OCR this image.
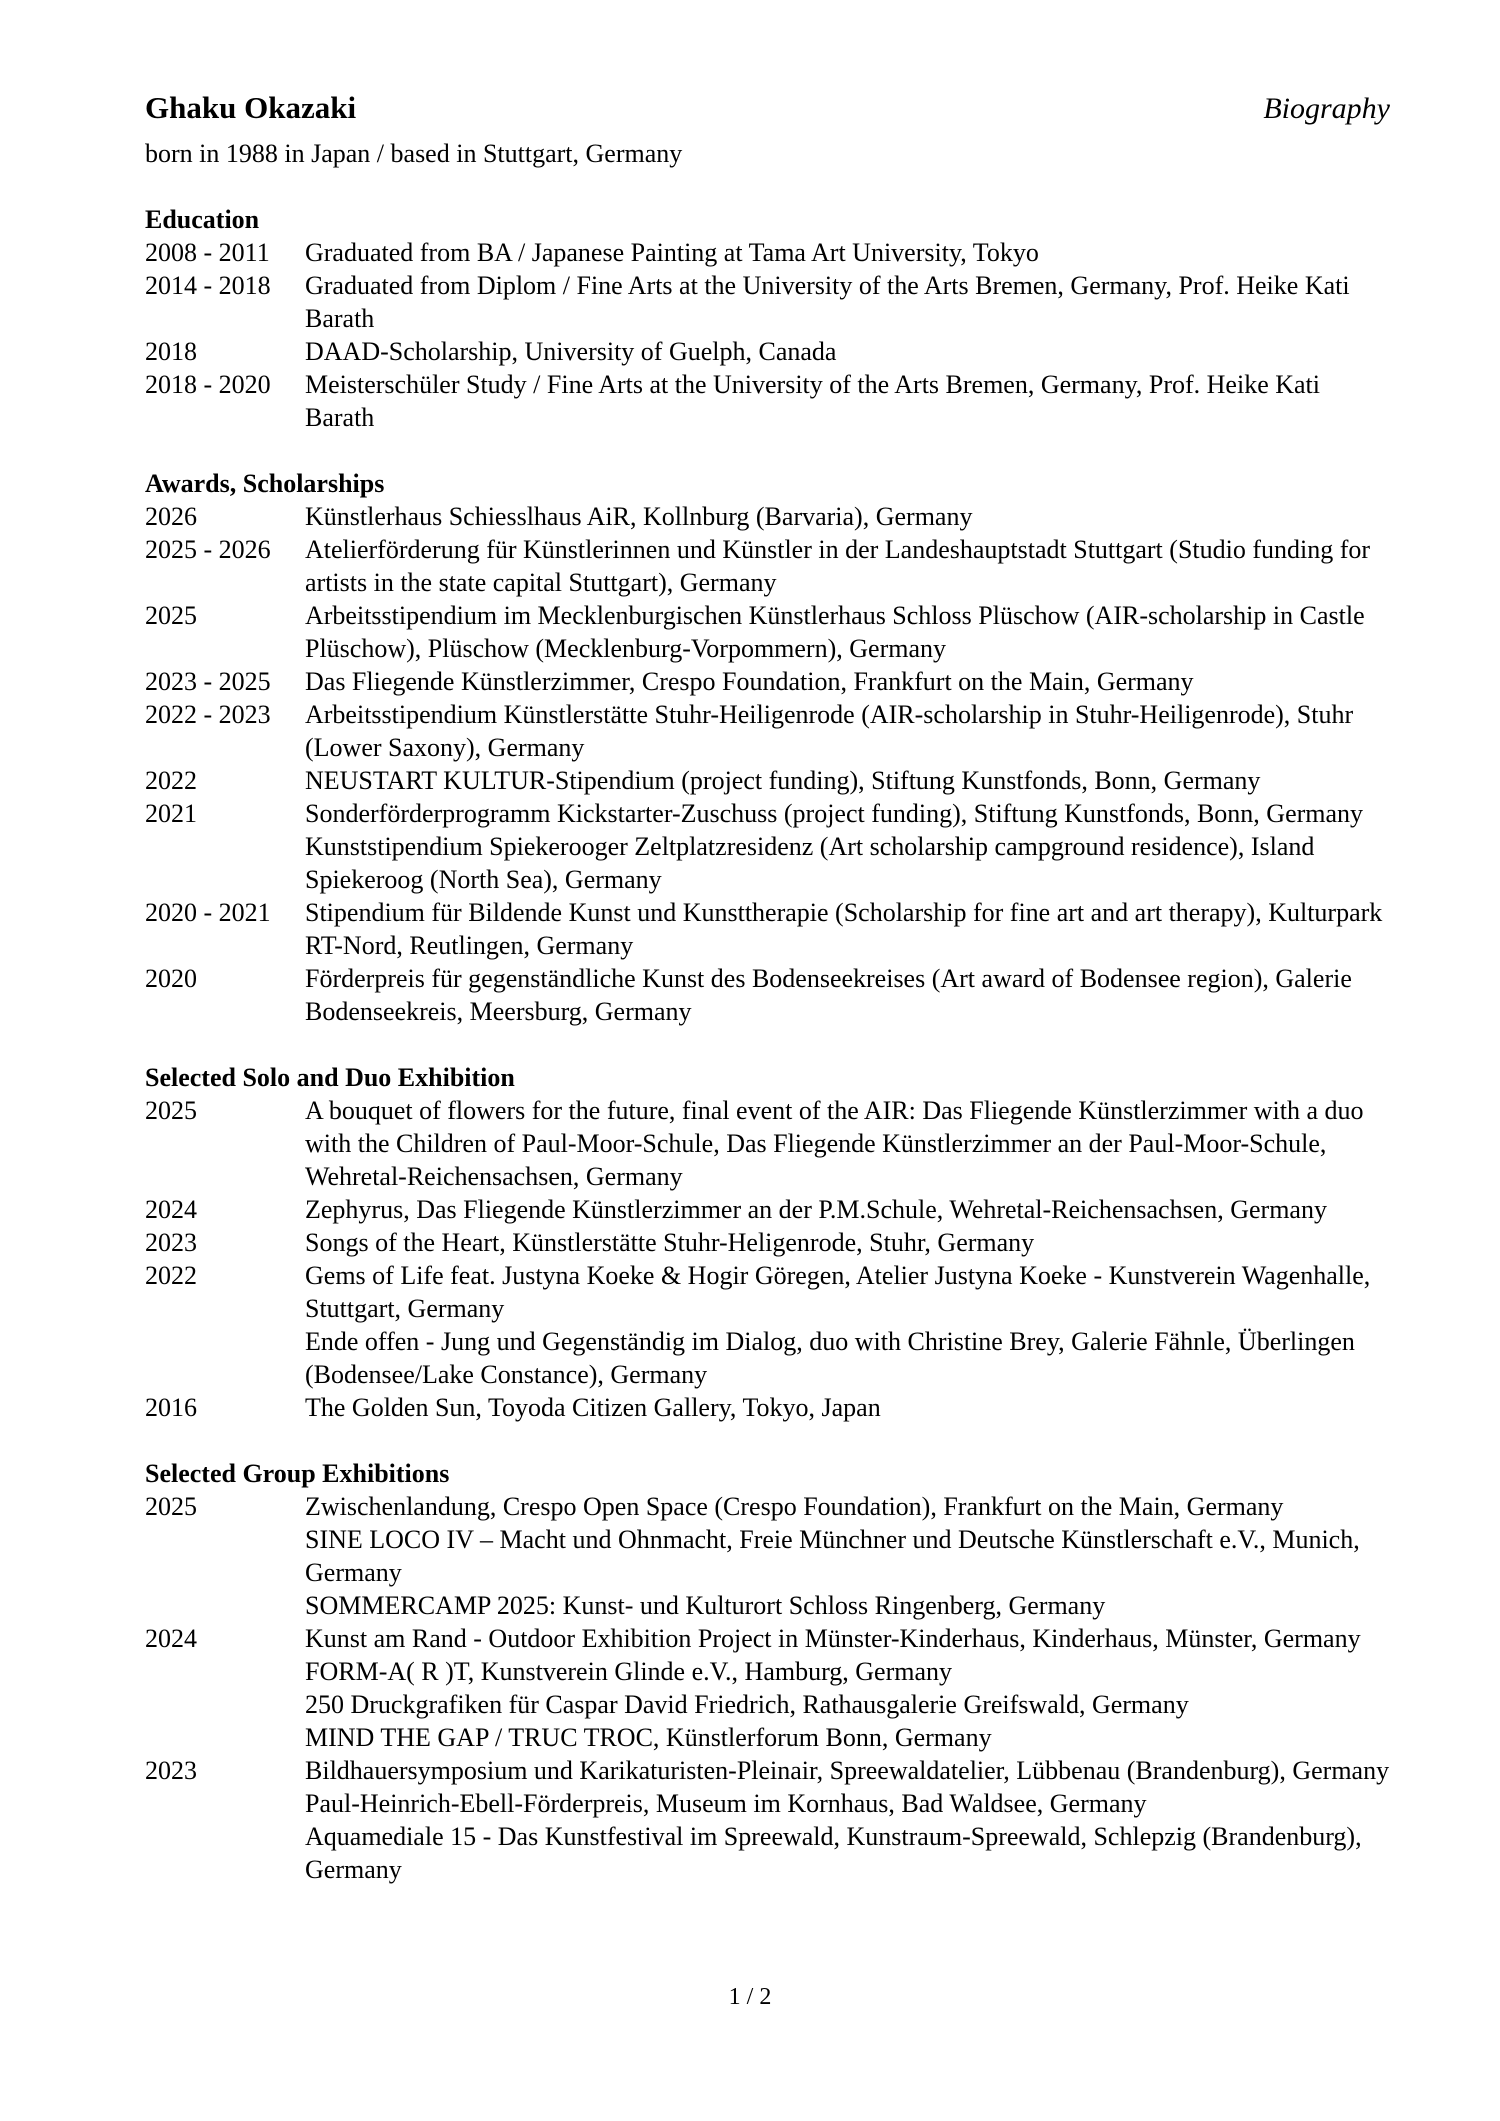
Ghaku Okazaki	Biography
born in 1988 in Japan / based in Stuttgart, Germany
Education
2008 - 2011	Graduated from BA / Japanese Painting at Tama Art University, Tokyo
2014 - 2018	Graduated from Diplom / Fine Arts at the University of the Arts Bremen, Germany, Prof. Heike Kati Barath
2018	DAAD-Scholarship, University of Guelph, Canada
2018 - 2020	Meisterschüler Study / Fine Arts at the University of the Arts Bremen, Germany, Prof. Heike Kati Barath
Awards, Scholarships
2026	Künstlerhaus Schiesslhaus AiR, Kollnburg (Barvaria), Germany
2025 - 2026	Atelierförderung für Künstlerinnen und Künstler in der Landeshauptstadt Stuttgart (Studio funding for artists in the state capital Stuttgart), Germany
2025	Arbeitsstipendium im Mecklenburgischen Künstlerhaus Schloss Plüschow (AIR-scholarship in Castle Plüschow), Plüschow (Mecklenburg-Vorpommern), Germany
2023 - 2025	Das Fliegende Künstlerzimmer, Crespo Foundation, Frankfurt on the Main, Germany
2022 - 2023	Arbeitsstipendium Künstlerstätte Stuhr-Heiligenrode (AIR-scholarship in Stuhr-Heiligenrode), Stuhr (Lower Saxony), Germany
2022	NEUSTART KULTUR-Stipendium (project funding), Stiftung Kunstfonds, Bonn, Germany
2021	Sonderförderprogramm Kickstarter-Zuschuss (project funding), Stiftung Kunstfonds, Bonn, Germany
Kunststipendium Spiekerooger Zeltplatzresidenz (Art scholarship campground residence), Island Spiekeroog (North Sea), Germany
2020 - 2021	Stipendium für Bildende Kunst und Kunsttherapie (Scholarship for fine art and art therapy), Kulturpark RT-Nord, Reutlingen, Germany
2020	Förderpreis für gegenständliche Kunst des Bodenseekreises (Art award of Bodensee region), Galerie Bodenseekreis, Meersburg, Germany
Selected Solo and Duo Exhibition
2025	A bouquet of flowers for the future, final event of the AIR: Das Fliegende Künstlerzimmer with a duo with the Children of Paul-Moor-Schule, Das Fliegende Künstlerzimmer an der Paul-Moor-Schule, Wehretal-Reichensachsen, Germany
2024	Zephyrus, Das Fliegende Künstlerzimmer an der P.M.Schule, Wehretal-Reichensachsen, Germany
2023	Songs of the Heart, Künstlerstätte Stuhr-Heligenrode, Stuhr, Germany
2022	Gems of Life feat. Justyna Koeke & Hogir Göregen, Atelier Justyna Koeke - Kunstverein Wagenhalle, Stuttgart, Germany
Ende offen - Jung und Gegenständig im Dialog, duo with Christine Brey, Galerie Fähnle, Überlingen (Bodensee/Lake Constance), Germany
2016	The Golden Sun, Toyoda Citizen Gallery, Tokyo, Japan
Selected Group Exhibitions
2025	Zwischenlandung, Crespo Open Space (Crespo Foundation), Frankfurt on the Main, Germany
SINE LOCO IV – Macht und Ohnmacht, Freie Münchner und Deutsche Künstlerschaft e.V., Munich, Germany
SOMMERCAMP 2025: Kunst- und Kulturort Schloss Ringenberg, Germany
2024	Kunst am Rand - Outdoor Exhibition Project in Münster-Kinderhaus, Kinderhaus, Münster, Germany
FORM-A( R )T, Kunstverein Glinde e.V., Hamburg, Germany
250 Druckgrafiken für Caspar David Friedrich, Rathausgalerie Greifswald, Germany
MIND THE GAP / TRUC TROC, Künstlerforum Bonn, Germany
2023	Bildhauersymposium und Karikaturisten-Pleinair, Spreewaldatelier, Lübbenau (Brandenburg), Germany
Paul-Heinrich-Ebell-Förderpreis, Museum im Kornhaus, Bad Waldsee, Germany
Aquamediale 15 - Das Kunstfestival im Spreewald, Kunstraum-Spreewald, Schlepzig (Brandenburg), Germany
1 / 2
